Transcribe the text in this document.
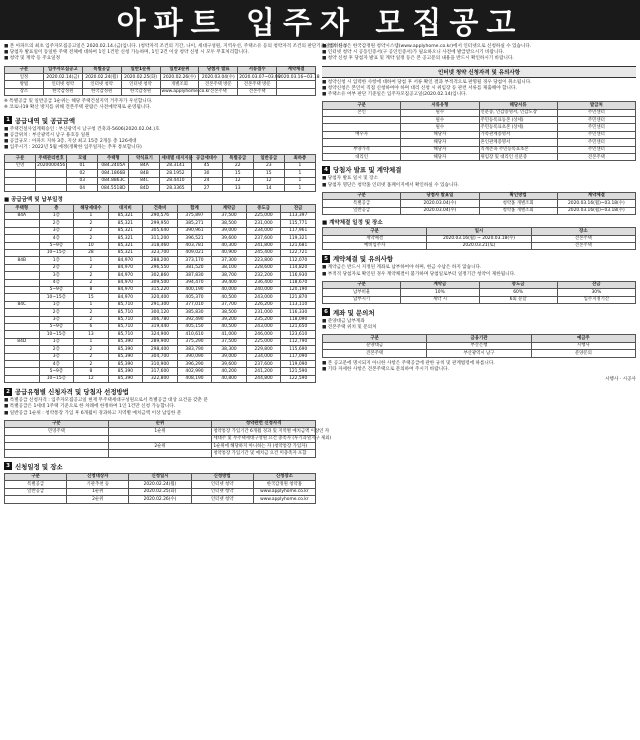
아파트 입주자 모집공고
■ 본 아파트의 최초 입주자모집공고일은 2020.02.14.(금)입니다. (청약자격 조건의 기간, 나이, 세대구성원, 지역우선, 주택소유 등의 청약자격 조건의 판단기준일입니다.)
■ 당첨자 발표일이 동일한 주택 전체에 대하여 1인 1건만 신청 가능하며, 1인 2건 이상 청약 신청 시 모두 무효처리합니다.
■ 청약 및 계약 등 주요일정
구분	입주자모집공고	특별공급	일반1순위	일반2순위	당첨자 발표	서류접수	계약체결
일정	2020.02.14(금)	2020.02.24(월)	2020.02.25(화)	2020.02.26(수)	2020.03.04(수)	2020.03.07~03.09	2020.03.16~03.18
방법	인터넷 청약	인터넷 청약	인터넷 청약	개별조회	견본주택 방문	견본주택 방문	
장소	한국감정원	한국감정원	한국감정원	www.applyhome.co.kr	견본주택	견본주택	
※ 특별공급 및 일반공급 1순위는 해당 주택건설지역 거주자가 우선합니다.
※ 코로나19 확산 방지를 위해 견본주택 관람은 사전예약제로 운영됩니다.
1 공급내역 및 공급금액
■ 주택건설사업계획승인 : 부산광역시 남구청 건축과-5606(2020.02.04.)호
■ 공급위치 : 부산광역시 남구 용호동 일원
■ 공급규모 : 아파트 지하 3층, 지상 최고 15층 2개동 총 126세대
■ 입주시기 : 2022년 5월 예정(정확한 입주일자는 추후 통보합니다)
구분	주택관리번호	모델	주택형	약식표기	세대별 대지지분	공급세대수	특별공급	일반공급	최하층
민영	2020000456	01	084.2405A	84A	28.3141	45	22	23	1
		02	084.1866B	84B	28.1952	30	15	15	1
		03	084.8863C	84C	28.4410	24	12	12	1
		04	084.5518D	84D	28.3365	27	13	14	1
■ 공급금액 및 납부일정
주택형	층	해당세대수	대지비	건축비	합계	계약금	중도금	잔금
84A	1층	1	85,321	290,576	375,897	37,500	225,000	113,397
	2층	2	85,321	299,950	385,271	38,500	231,000	115,771
	3층	2	85,321	305,640	390,961	39,000	234,000	117,961
	4층	2	85,321	311,200	396,521	39,600	237,600	119,321
	5~9층	10	85,321	318,460	403,781	40,300	241,800	121,681
	10~15층	28	85,321	323,700	409,021	40,900	245,400	122,721
84B	1층	1	84,970	288,200	373,170	37,300	223,800	112,070
	2층	2	84,970	296,550	381,520	38,100	228,600	114,820
	3층	2	84,970	302,860	387,830	38,700	232,200	116,930
	4층	2	84,970	309,500	394,470	39,400	236,400	118,670
	5~9층	8	84,970	315,220	400,190	40,000	240,000	120,190
	10~15층	15	84,970	320,400	405,370	40,500	243,000	121,870
84C	1층	1	85,710	291,300	377,010	37,700	226,200	113,110
	2층	2	85,710	300,120	385,830	38,500	231,000	116,330
	3층	2	85,710	306,780	392,490	39,200	235,200	118,090
	5~9층	6	85,710	319,440	405,150	40,500	243,000	121,650
	10~15층	13	85,710	324,900	410,610	41,000	246,000	123,610
84D	1층	1	85,390	289,900	375,290	37,500	225,000	112,790
	2층	2	85,390	298,400	383,790	38,300	229,800	115,690
	3층	2	85,390	304,700	390,090	39,000	234,000	117,090
	4층	2	85,390	310,900	396,290	39,600	237,600	119,090
	5~9층	8	85,390	317,600	402,990	40,200	241,200	121,590
	10~15층	12	85,390	322,800	408,190	40,800	244,800	122,590
2 공급유형별 신청자격 및 당첨자 선정방법
■ 특별공급 신청자격 : 입주자모집공고일 현재 무주택세대구성원으로서 특별공급 대상 요건을 갖춘 분
■ 특별공급은 1세대 1주택 기준으로 한 차례에 한정하여 1인 1건만 신청 가능합니다.
■ 일반공급 1순위 : 청약통장 가입 후 6개월이 경과하고 지역별 예치금액 이상 납입한 분
구분	순위	청약관련 신청자격
민영주택	1순위	청약통장 가입기간 6개월 경과 및 지역별 예치금액 이상인 자
		세대주 및 무주택세대구성원 요건 충족자 (투기과열지구 제외)
	2순위	1순위에 해당하지 아니하는 자 (청약통장 가입자)
		청약통장 가입기간 및 예치금 요건 미충족자 포함
3 신청일정 및 장소
구분	신청대상자	신청일시	신청방법	신청장소
특별공급	기관추천 등	2020.02.24(월)	인터넷 청약	한국감정원 청약홈
일반공급	1순위	2020.02.25(화)	인터넷 청약	www.applyhome.co.kr
	2순위	2020.02.26(수)	인터넷 청약	www.applyhome.co.kr
■ 청약 신청은 한국감정원 청약시스템(www.applyhome.co.kr)에서 인터넷으로 신청하실 수 있습니다.
■ 인터넷 청약 시 공동인증서(구 공인인증서)가 필요하오니 사전에 발급받으시기 바랍니다.
■ 청약 신청 후 당첨자 발표 및 계약 일정 등은 본 공고문의 내용을 반드시 확인하시기 바랍니다.
인터넷 청약 신청자격 및 유의사항
■ 청약신청 시 입력한 사항에 대하여 당첨 후 서류 확인 결과 부적격으로 판명될 경우 당첨이 취소됩니다.
■ 청약신청은 본인이 직접 신청하여야 하며 대리 신청 시 위임장 등 관련 서류를 제출해야 합니다.
■ 주택소유 여부 판단 기준일은 입주자모집공고일(2020.02.14)입니다.
구분	서류유형	해당서류	발급처
본인	필수	신분증, 인감증명서, 인감도장	주민센터
	필수	주민등록표등본 (상세)	주민센터
	필수	주민등록표초본 (상세)	주민센터
배우자	해당자	가족관계증명서	주민센터
	해당자	혼인관계증명서	주민센터
부양가족	해당자	직계존속 주민등록표초본	주민센터
대리인	해당자	위임장 및 대리인 신분증	견본주택
4 당첨자 발표 및 계약체결
■ 당첨자 발표 일시 및 장소
■ 당첨자 명단은 청약홈 인터넷 홈페이지에서 확인하실 수 있습니다.
구분	당첨자 발표일	확인방법	계약체결
특별공급	2020.03.04(수)	청약홈 개별조회	2020.03.16(월)~03.18(수)
일반공급	2020.03.04(수)	청약홈 개별조회	2020.03.16(월)~03.18(수)
■ 계약체결 일정 및 장소
구분	일시	장소
계약체결	2020.03.16(월) ~ 2020.03.18(수)	견본주택
예비입주자	2020.03.21(토)	견본주택
5 계약체결 및 유의사항
■ 계약금은 반드시 지정된 계좌로 납부하여야 하며, 현금 수납은 하지 않습니다.
■ 부적격 당첨자로 확인된 경우 계약체결이 불가하며 당첨일로부터 일정기간 청약이 제한됩니다.
구분	계약금	중도금	잔금
납부비율	10%	60%	30%
납부시기	계약 시	6회 분할	입주지정기간
6 계좌 및 문의처
■ 분양대금 납부계좌
■ 견본주택 위치 및 문의처
구분	금융기관	예금주
분양대금	부산은행	시행사
견본주택	부산광역시 남구	분양문의
■ 본 공고문에 명시되지 아니한 사항은 주택공급에 관한 규칙 및 관계법령에 따릅니다.
■ 기타 자세한 사항은 견본주택으로 문의하여 주시기 바랍니다.
시행사 · 시공사
